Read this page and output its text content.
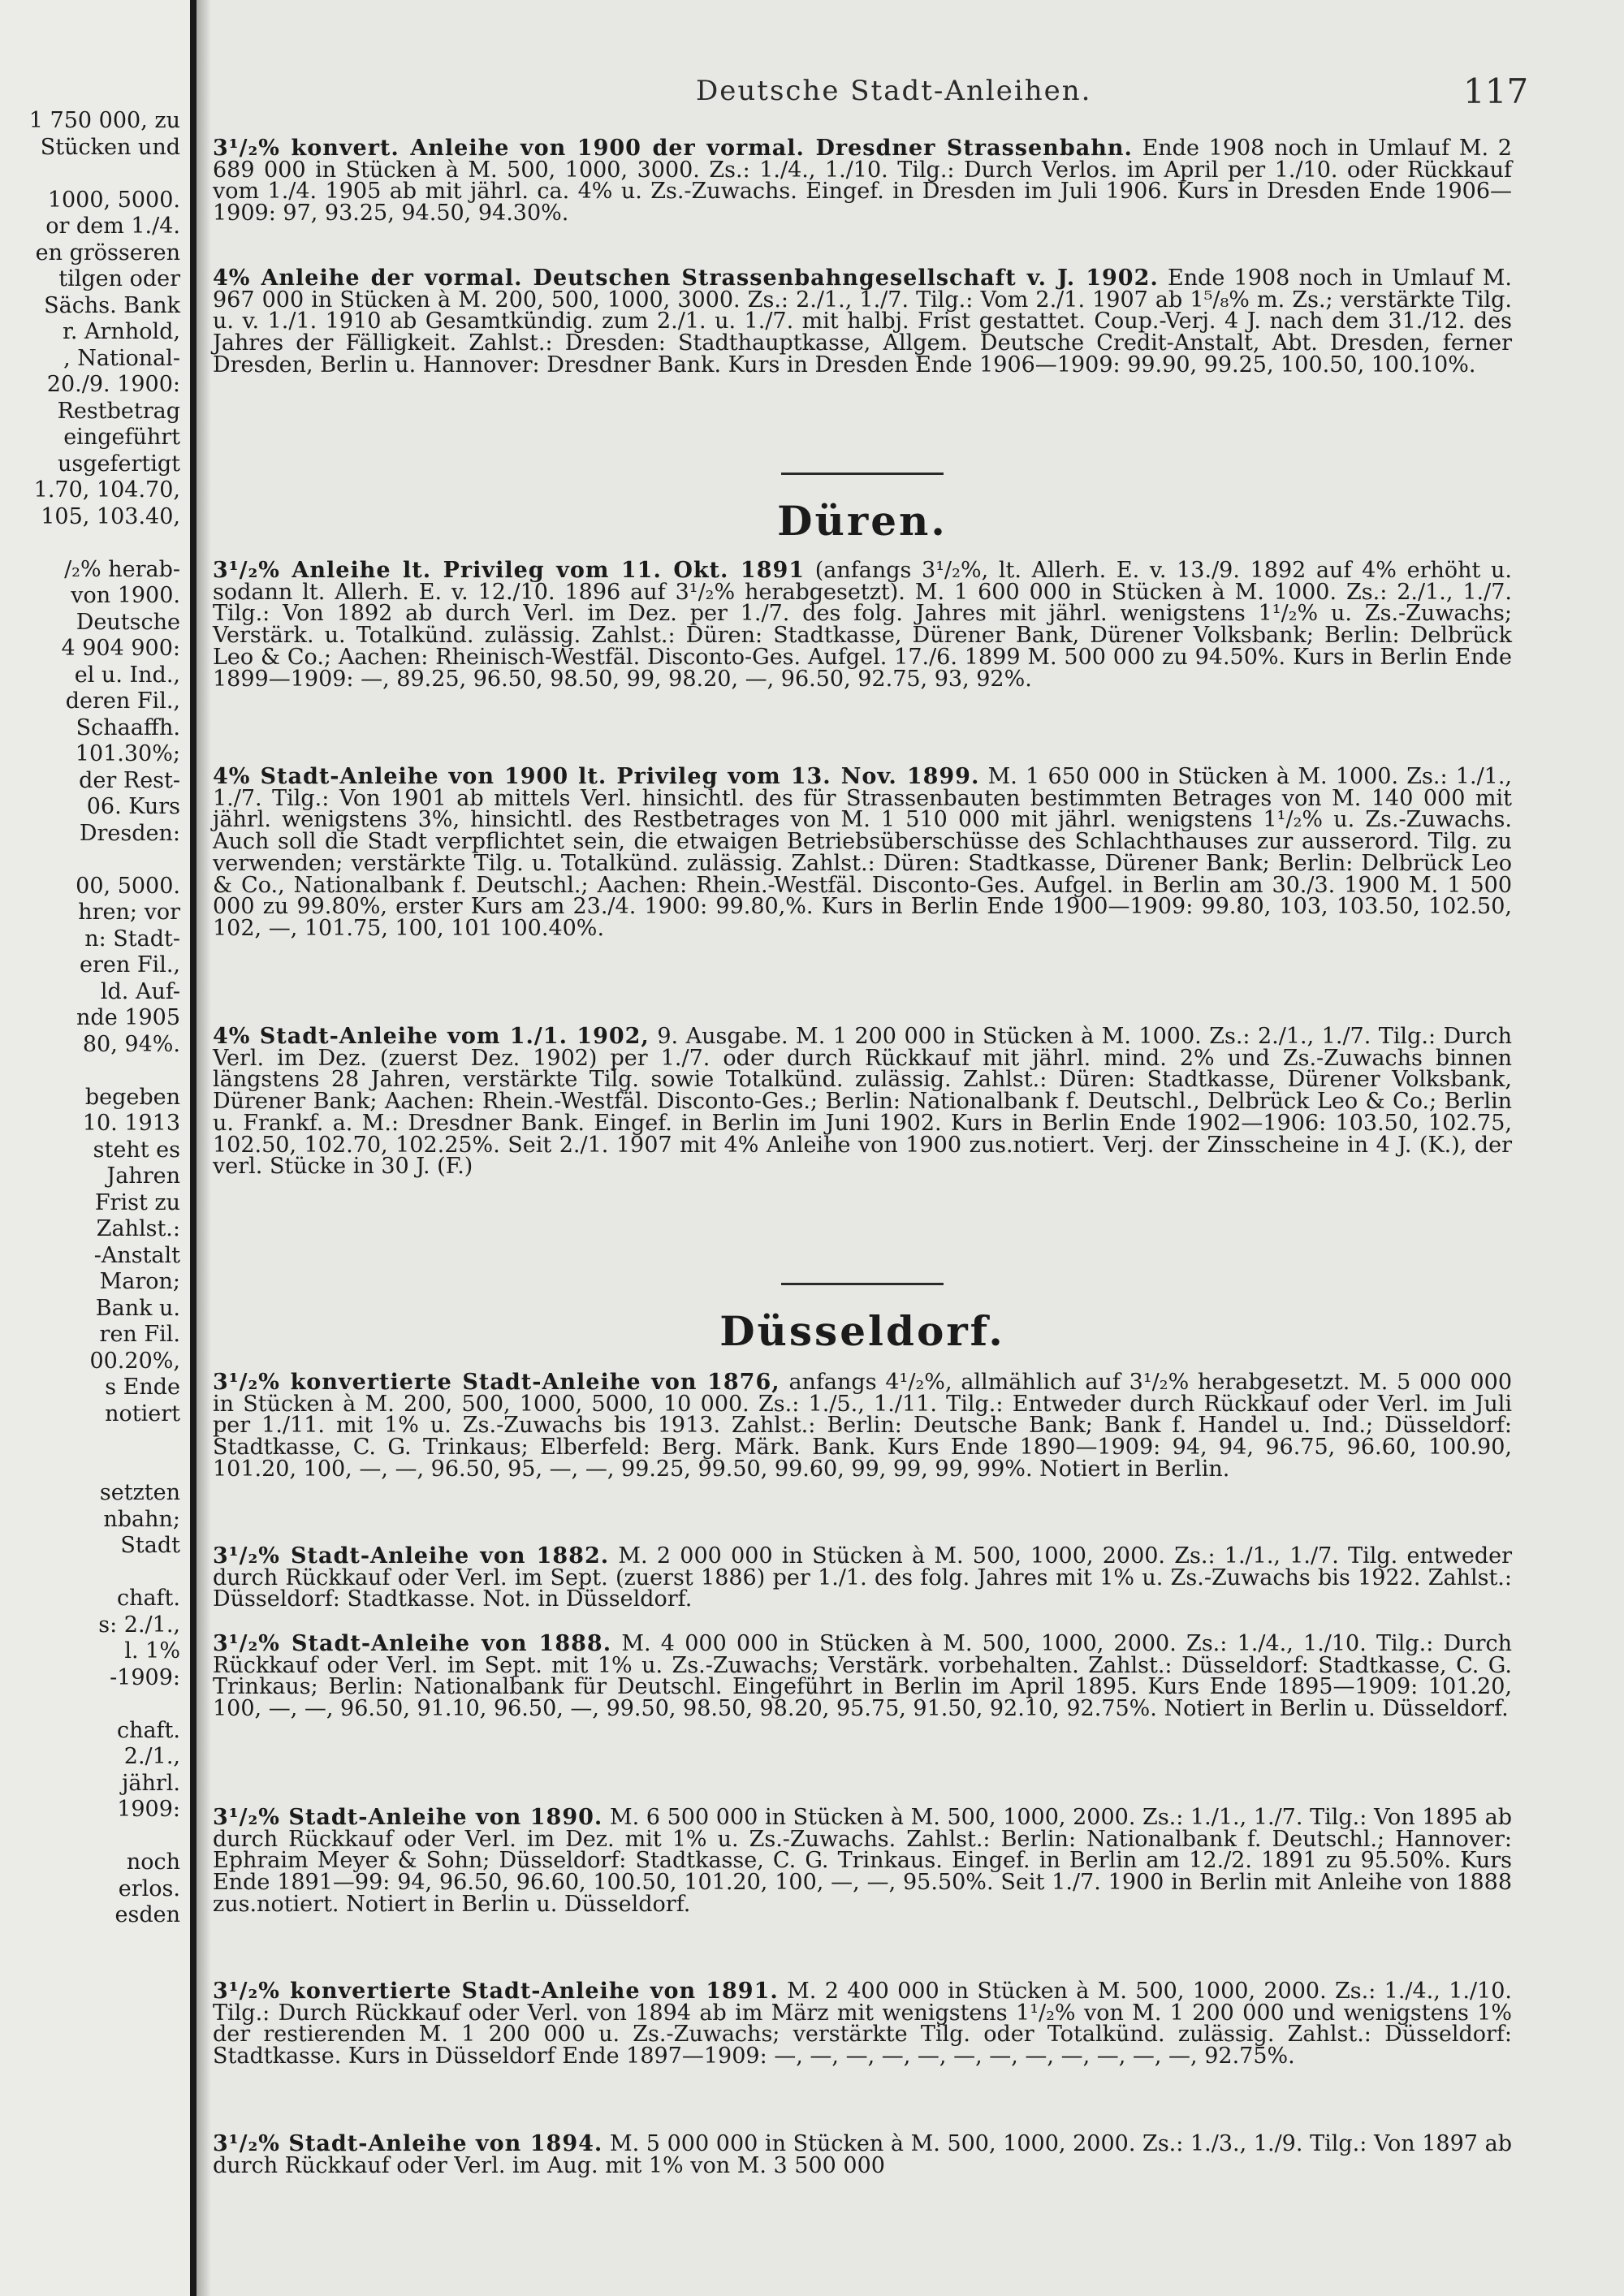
1 750 000, zu
Stücken und
1000, 5000.
or dem 1./4.
en grösseren
tilgen oder
Sächs. Bank
r. Arnhold,
, National-
20./9. 1900:
Restbetrag
eingeführt
usgefertigt
1.70, 104.70,
105, 103.40,
/₂% herab-
von 1900.
Deutsche
4 904 900:
el u. Ind.,
deren Fil.,
Schaaffh.
101.30%;
der Rest-
06. Kurs
Dresden:
00, 5000.
hren; vor
n: Stadt-
eren Fil.,
ld. Auf-
nde 1905
80, 94%.
begeben
10. 1913
steht es
Jahren
Frist zu
Zahlst.:
-Anstalt
Maron;
Bank u.
ren Fil.
00.20%,
s Ende
notiert
setzten
nbahn;
Stadt
chaft.
s: 2./1.,
l. 1%
-1909:
chaft.
2./1.,
jährl.
1909:
noch
erlos.
esden
Deutsche Stadt-Anleihen.	117

3¹/₂% konvert. Anleihe von 1900 der vormal. Dresdner Strassenbahn. Ende 1908 noch in Umlauf M. 2 689 000 in Stücken à M. 500, 1000, 3000. Zs.: 1./4., 1./10. Tilg.: Durch Verlos. im April per 1./10. oder Rückkauf vom 1./4. 1905 ab mit jährl. ca. 4% u. Zs.-Zuwachs. Eingef. in Dresden im Juli 1906. Kurs in Dresden Ende 1906—1909: 97, 93.25, 94.50, 94.30%.

4% Anleihe der vormal. Deutschen Strassenbahngesellschaft v. J. 1902. Ende 1908 noch in Umlauf M. 967 000 in Stücken à M. 200, 500, 1000, 3000. Zs.: 2./1., 1./7. Tilg.: Vom 2./1. 1907 ab 1⁵/₈% m. Zs.; verstärkte Tilg. u. v. 1./1. 1910 ab Gesamtkündig. zum 2./1. u. 1./7. mit halbj. Frist gestattet. Coup.-Verj. 4 J. nach dem 31./12. des Jahres der Fälligkeit. Zahlst.: Dresden: Stadthauptkasse, Allgem. Deutsche Credit-Anstalt, Abt. Dresden, ferner Dresden, Berlin u. Hannover: Dresdner Bank. Kurs in Dresden Ende 1906—1909: 99.90, 99.25, 100.50, 100.10%.

Düren.

3¹/₂% Anleihe lt. Privileg vom 11. Okt. 1891 (anfangs 3¹/₂%, lt. Allerh. E. v. 13./9. 1892 auf 4% erhöht u. sodann lt. Allerh. E. v. 12./10. 1896 auf 3¹/₂% herabgesetzt). M. 1 600 000 in Stücken à M. 1000. Zs.: 2./1., 1./7. Tilg.: Von 1892 ab durch Verl. im Dez. per 1./7. des folg. Jahres mit jährl. wenigstens 1¹/₂% u. Zs.-Zuwachs; Verstärk. u. Totalkünd. zulässig. Zahlst.: Düren: Stadtkasse, Dürener Bank, Dürener Volksbank; Berlin: Delbrück Leo & Co.; Aachen: Rheinisch-Westfäl. Disconto-Ges. Aufgel. 17./6. 1899 M. 500 000 zu 94.50%. Kurs in Berlin Ende 1899—1909: —, 89.25, 96.50, 98.50, 99, 98.20, —, 96.50, 92.75, 93, 92%.

4% Stadt-Anleihe von 1900 lt. Privileg vom 13. Nov. 1899. M. 1 650 000 in Stücken à M. 1000. Zs.: 1./1., 1./7. Tilg.: Von 1901 ab mittels Verl. hinsichtl. des für Strassenbauten bestimmten Betrages von M. 140 000 mit jährl. wenigstens 3%, hinsichtl. des Restbetrages von M. 1 510 000 mit jährl. wenigstens 1¹/₂% u. Zs.-Zuwachs. Auch soll die Stadt verpflichtet sein, die etwaigen Betriebsüberschüsse des Schlachthauses zur ausserord. Tilg. zu verwenden; verstärkte Tilg. u. Totalkünd. zulässig. Zahlst.: Düren: Stadtkasse, Dürener Bank; Berlin: Delbrück Leo & Co., Nationalbank f. Deutschl.; Aachen: Rhein.-Westfäl. Disconto-Ges. Aufgel. in Berlin am 30./3. 1900 M. 1 500 000 zu 99.80%, erster Kurs am 23./4. 1900: 99.80,%. Kurs in Berlin Ende 1900—1909: 99.80, 103, 103.50, 102.50, 102, —, 101.75, 100, 101 100.40%.

4% Stadt-Anleihe vom 1./1. 1902, 9. Ausgabe. M. 1 200 000 in Stücken à M. 1000. Zs.: 2./1., 1./7. Tilg.: Durch Verl. im Dez. (zuerst Dez. 1902) per 1./7. oder durch Rückkauf mit jährl. mind. 2% und Zs.-Zuwachs binnen längstens 28 Jahren, verstärkte Tilg. sowie Totalkünd. zulässig. Zahlst.: Düren: Stadtkasse, Dürener Volksbank, Dürener Bank; Aachen: Rhein.-Westfäl. Disconto-Ges.; Berlin: Nationalbank f. Deutschl., Delbrück Leo & Co.; Berlin u. Frankf. a. M.: Dresdner Bank. Eingef. in Berlin im Juni 1902. Kurs in Berlin Ende 1902—1906: 103.50, 102.75, 102.50, 102.70, 102.25%. Seit 2./1. 1907 mit 4% Anleihe von 1900 zus.notiert. Verj. der Zinsscheine in 4 J. (K.), der verl. Stücke in 30 J. (F.)

Düsseldorf.

3¹/₂% konvertierte Stadt-Anleihe von 1876, anfangs 4¹/₂%, allmählich auf 3¹/₂% herabgesetzt. M. 5 000 000 in Stücken à M. 200, 500, 1000, 5000, 10 000. Zs.: 1./5., 1./11. Tilg.: Entweder durch Rückkauf oder Verl. im Juli per 1./11. mit 1% u. Zs.-Zuwachs bis 1913. Zahlst.: Berlin: Deutsche Bank; Bank f. Handel u. Ind.; Düsseldorf: Stadtkasse, C. G. Trinkaus; Elberfeld: Berg. Märk. Bank. Kurs Ende 1890—1909: 94, 94, 96.75, 96.60, 100.90, 101.20, 100, —, —, 96.50, 95, —, —, 99.25, 99.50, 99.60, 99, 99, 99, 99%. Notiert in Berlin.

3¹/₂% Stadt-Anleihe von 1882. M. 2 000 000 in Stücken à M. 500, 1000, 2000. Zs.: 1./1., 1./7. Tilg. entweder durch Rückkauf oder Verl. im Sept. (zuerst 1886) per 1./1. des folg. Jahres mit 1% u. Zs.-Zuwachs bis 1922. Zahlst.: Düsseldorf: Stadtkasse. Not. in Düsseldorf.

3¹/₂% Stadt-Anleihe von 1888. M. 4 000 000 in Stücken à M. 500, 1000, 2000. Zs.: 1./4., 1./10. Tilg.: Durch Rückkauf oder Verl. im Sept. mit 1% u. Zs.-Zuwachs; Verstärk. vorbehalten. Zahlst.: Düsseldorf: Stadtkasse, C. G. Trinkaus; Berlin: Nationalbank für Deutschl. Eingeführt in Berlin im April 1895. Kurs Ende 1895—1909: 101.20, 100, —, —, 96.50, 91.10, 96.50, —, 99.50, 98.50, 98.20, 95.75, 91.50, 92.10, 92.75%. Notiert in Berlin u. Düsseldorf.

3¹/₂% Stadt-Anleihe von 1890. M. 6 500 000 in Stücken à M. 500, 1000, 2000. Zs.: 1./1., 1./7. Tilg.: Von 1895 ab durch Rückkauf oder Verl. im Dez. mit 1% u. Zs.-Zuwachs. Zahlst.: Berlin: Nationalbank f. Deutschl.; Hannover: Ephraim Meyer & Sohn; Düsseldorf: Stadtkasse, C. G. Trinkaus. Eingef. in Berlin am 12./2. 1891 zu 95.50%. Kurs Ende 1891—99: 94, 96.50, 96.60, 100.50, 101.20, 100, —, —, 95.50%. Seit 1./7. 1900 in Berlin mit Anleihe von 1888 zus.notiert. Notiert in Berlin u. Düsseldorf.

3¹/₂% konvertierte Stadt-Anleihe von 1891. M. 2 400 000 in Stücken à M. 500, 1000, 2000. Zs.: 1./4., 1./10. Tilg.: Durch Rückkauf oder Verl. von 1894 ab im März mit wenigstens 1¹/₂% von M. 1 200 000 und wenigstens 1% der restierenden M. 1 200 000 u. Zs.-Zuwachs; verstärkte Tilg. oder Totalkünd. zulässig. Zahlst.: Düsseldorf: Stadtkasse. Kurs in Düsseldorf Ende 1897—1909: —, —, —, —, —, —, —, —, —, —, —, —, 92.75%.

3¹/₂% Stadt-Anleihe von 1894. M. 5 000 000 in Stücken à M. 500, 1000, 2000. Zs.: 1./3., 1./9. Tilg.: Von 1897 ab durch Rückkauf oder Verl. im Aug. mit 1% von M. 3 500 000
